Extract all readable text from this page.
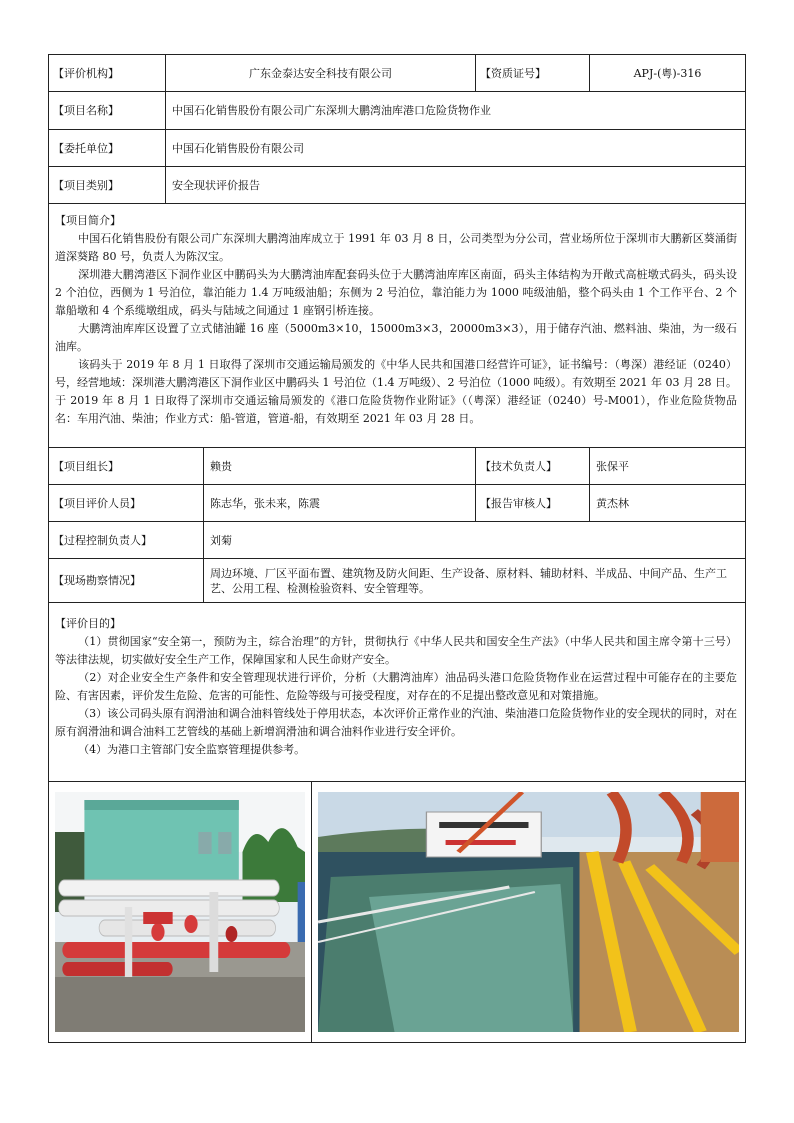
【评价机构】	广东金泰达安全科技有限公司			【资质证号】	APJ-(粤)-316
【项目名称】	中国石化销售股份有限公司广东深圳大鹏湾油库港口危险货物作业				
【委托单位】	中国石化销售股份有限公司				
【项目类别】	安全现状评价报告				

【项目简介】

中国石化销售股份有限公司广东深圳大鹏湾油库成立于 1991 年 03 月 8 日，公司类型为分公司，营业场所位于深圳市大鹏新区葵涌街道深葵路 80 号，负责人为陈汉宝。

深圳港大鹏湾港区下洞作业区中鹏码头为大鹏湾油库配套码头位于大鹏湾油库库区南面，码头主体结构为开敞式高桩墩式码头，码头设 2 个泊位，西侧为 1 号泊位，靠泊能力 1.4 万吨级油船；东侧为 2 号泊位，靠泊能力为 1000 吨级油船，整个码头由 1 个工作平台、2 个靠船墩和 4 个系缆墩组成，码头与陆域之间通过 1 座钢引桥连接。

大鹏湾油库库区设置了立式储油罐 16 座（5000m3×10，15000m3×3，20000m3×3），用于储存汽油、燃料油、柴油，为一级石油库。

该码头于 2019 年 8 月 1 日取得了深圳市交通运输局颁发的《中华人民共和国港口经营许可证》，证书编号：（粤深）港经证（0240）号，经营地域：深圳港大鹏湾港区下洞作业区中鹏码头 1 号泊位（1.4 万吨级）、2 号泊位（1000 吨级）。有效期至 2021 年 03 月 28 日。于 2019 年 8 月 1 日取得了深圳市交通运输局颁发的《港口危险货物作业附证》（（粤深）港经证（0240）号-M001），作业危险货物品名：车用汽油、柴油；作业方式：船-管道，管道-船，有效期至 2021 年 03 月 28 日。					

【项目组长】		赖贵		【技术负责人】	张保平
【项目评价人员】		陈志华，张未来，陈震		【报告审核人】	黄杰林
【过程控制负责人】		刘菊			
【现场勘察情况】		周边环境、厂区平面布置、建筑物及防火间距、生产设备、原材料、辅助材料、半成品、中间产品、生产工艺、公用工程、检测检验资料、安全管理等。			

【评价目的】

（1）贯彻国家“安全第一，预防为主，综合治理”的方针，贯彻执行《中华人民共和国安全生产法》（中华人民共和国主席令第十三号）等法律法规，切实做好安全生产工作，保障国家和人民生命财产安全。

（2）对企业安全生产条件和安全管理现状进行评价，分析（大鹏湾油库）油品码头港口危险货物作业在运营过程中可能存在的主要危险、有害因素，评价发生危险、危害的可能性、危险等级与可接受程度，对存在的不足提出整改意见和对策措施。

（3）该公司码头原有润滑油和调合油料管线处于停用状态，本次评价正常作业的汽油、柴油港口危险货物作业的安全现状的同时，对在原有润滑油和调合油料工艺管线的基础上新增润滑油和调合油料作业进行安全评价。

（4）为港口主管部门安全监察管理提供参考。					
